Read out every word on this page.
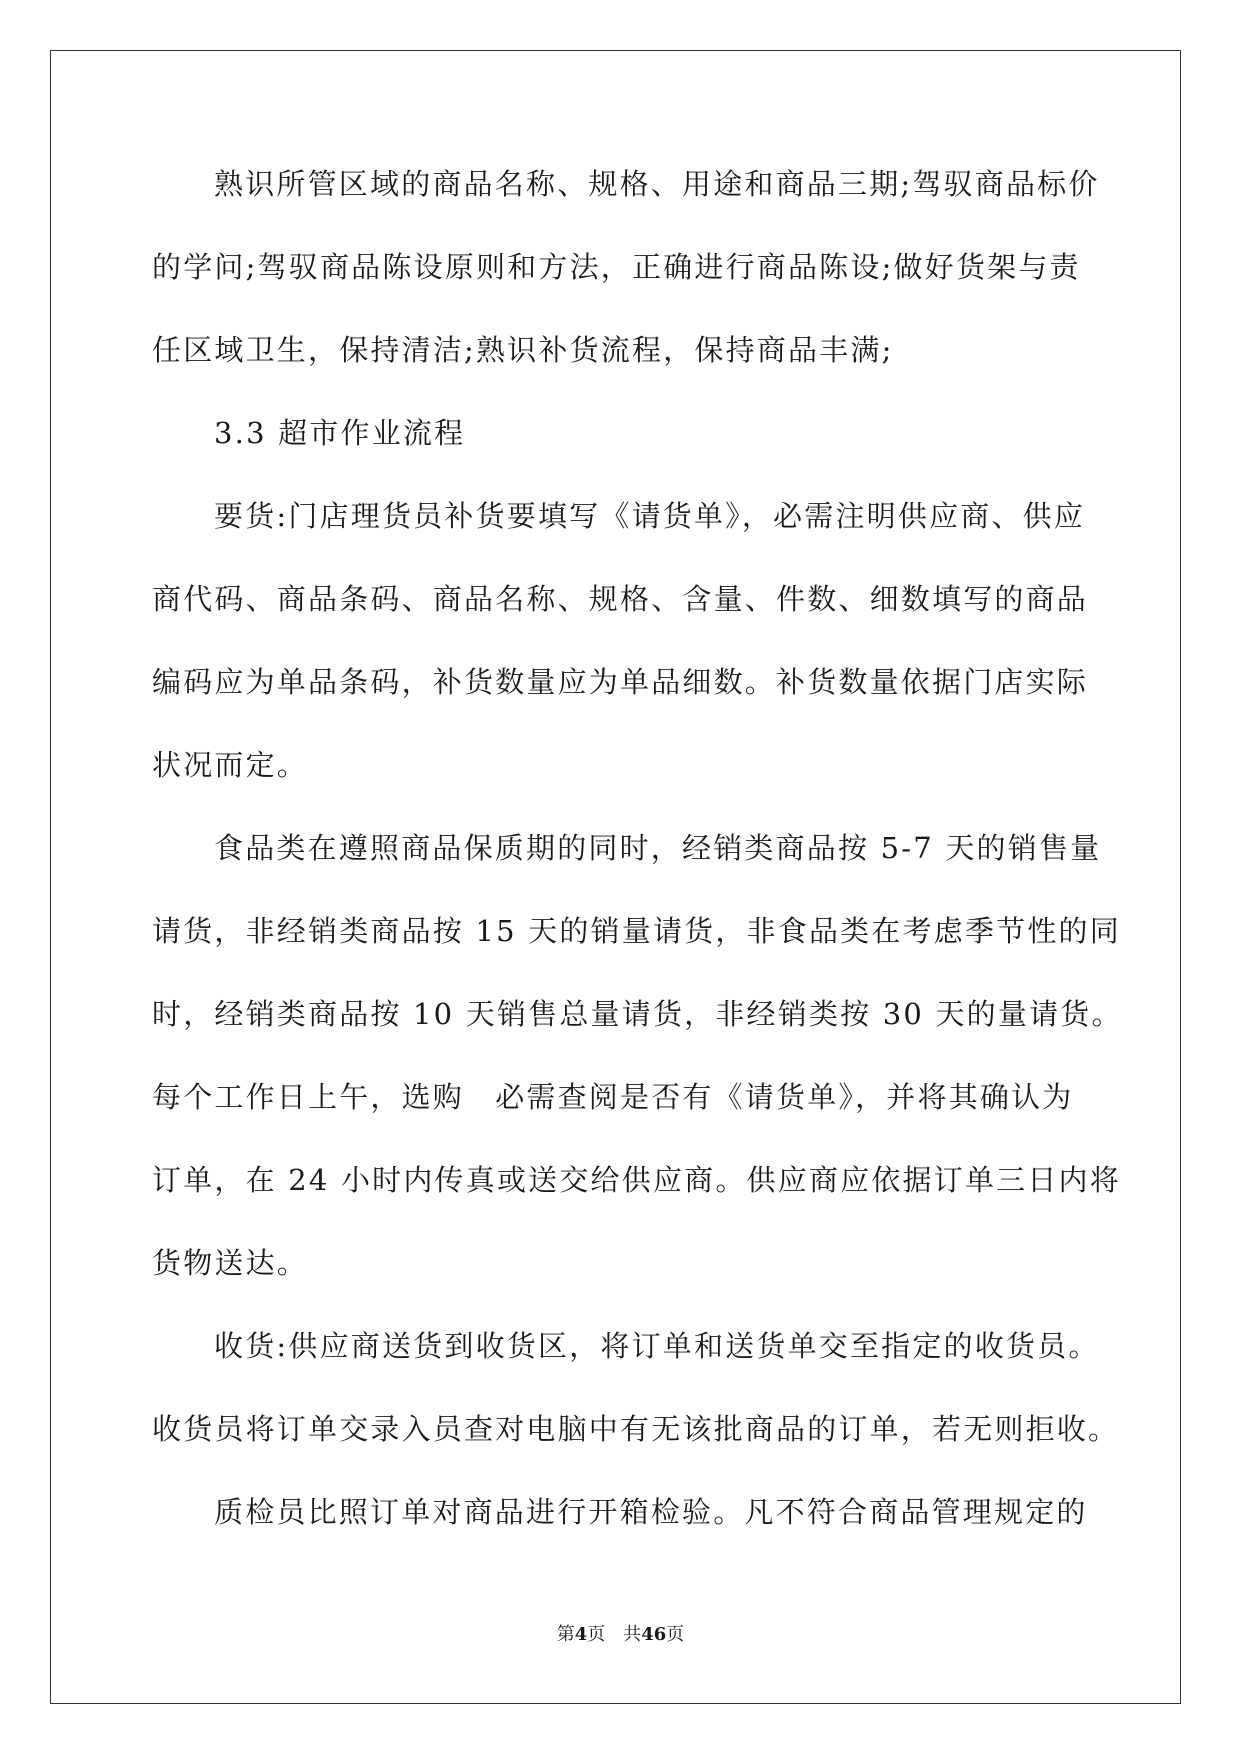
熟识所管区域的商品名称、规格、用途和商品三期;驾驭商品标价
的学问;驾驭商品陈设原则和方法，正确进行商品陈设;做好货架与责
任区域卫生，保持清洁;熟识补货流程，保持商品丰满;
3.3 超市作业流程
要货:门店理货员补货要填写《请货单》，必需注明供应商、供应
商代码、商品条码、商品名称、规格、含量、件数、细数填写的商品
编码应为单品条码，补货数量应为单品细数。补货数量依据门店实际
状况而定。
食品类在遵照商品保质期的同时，经销类商品按 5-7 天的销售量
请货，非经销类商品按 15 天的销量请货，非食品类在考虑季节性的同
时，经销类商品按 10 天销售总量请货，非经销类按 30 天的量请货。
每个工作日上午，选购　必需查阅是否有《请货单》，并将其确认为
订单，在 24 小时内传真或送交给供应商。供应商应依据订单三日内将
货物送达。
收货:供应商送货到收货区，将订单和送货单交至指定的收货员。
收货员将订单交录入员查对电脑中有无该批商品的订单，若无则拒收。
质检员比照订单对商品进行开箱检验。凡不符合商品管理规定的
第4页 共46页
